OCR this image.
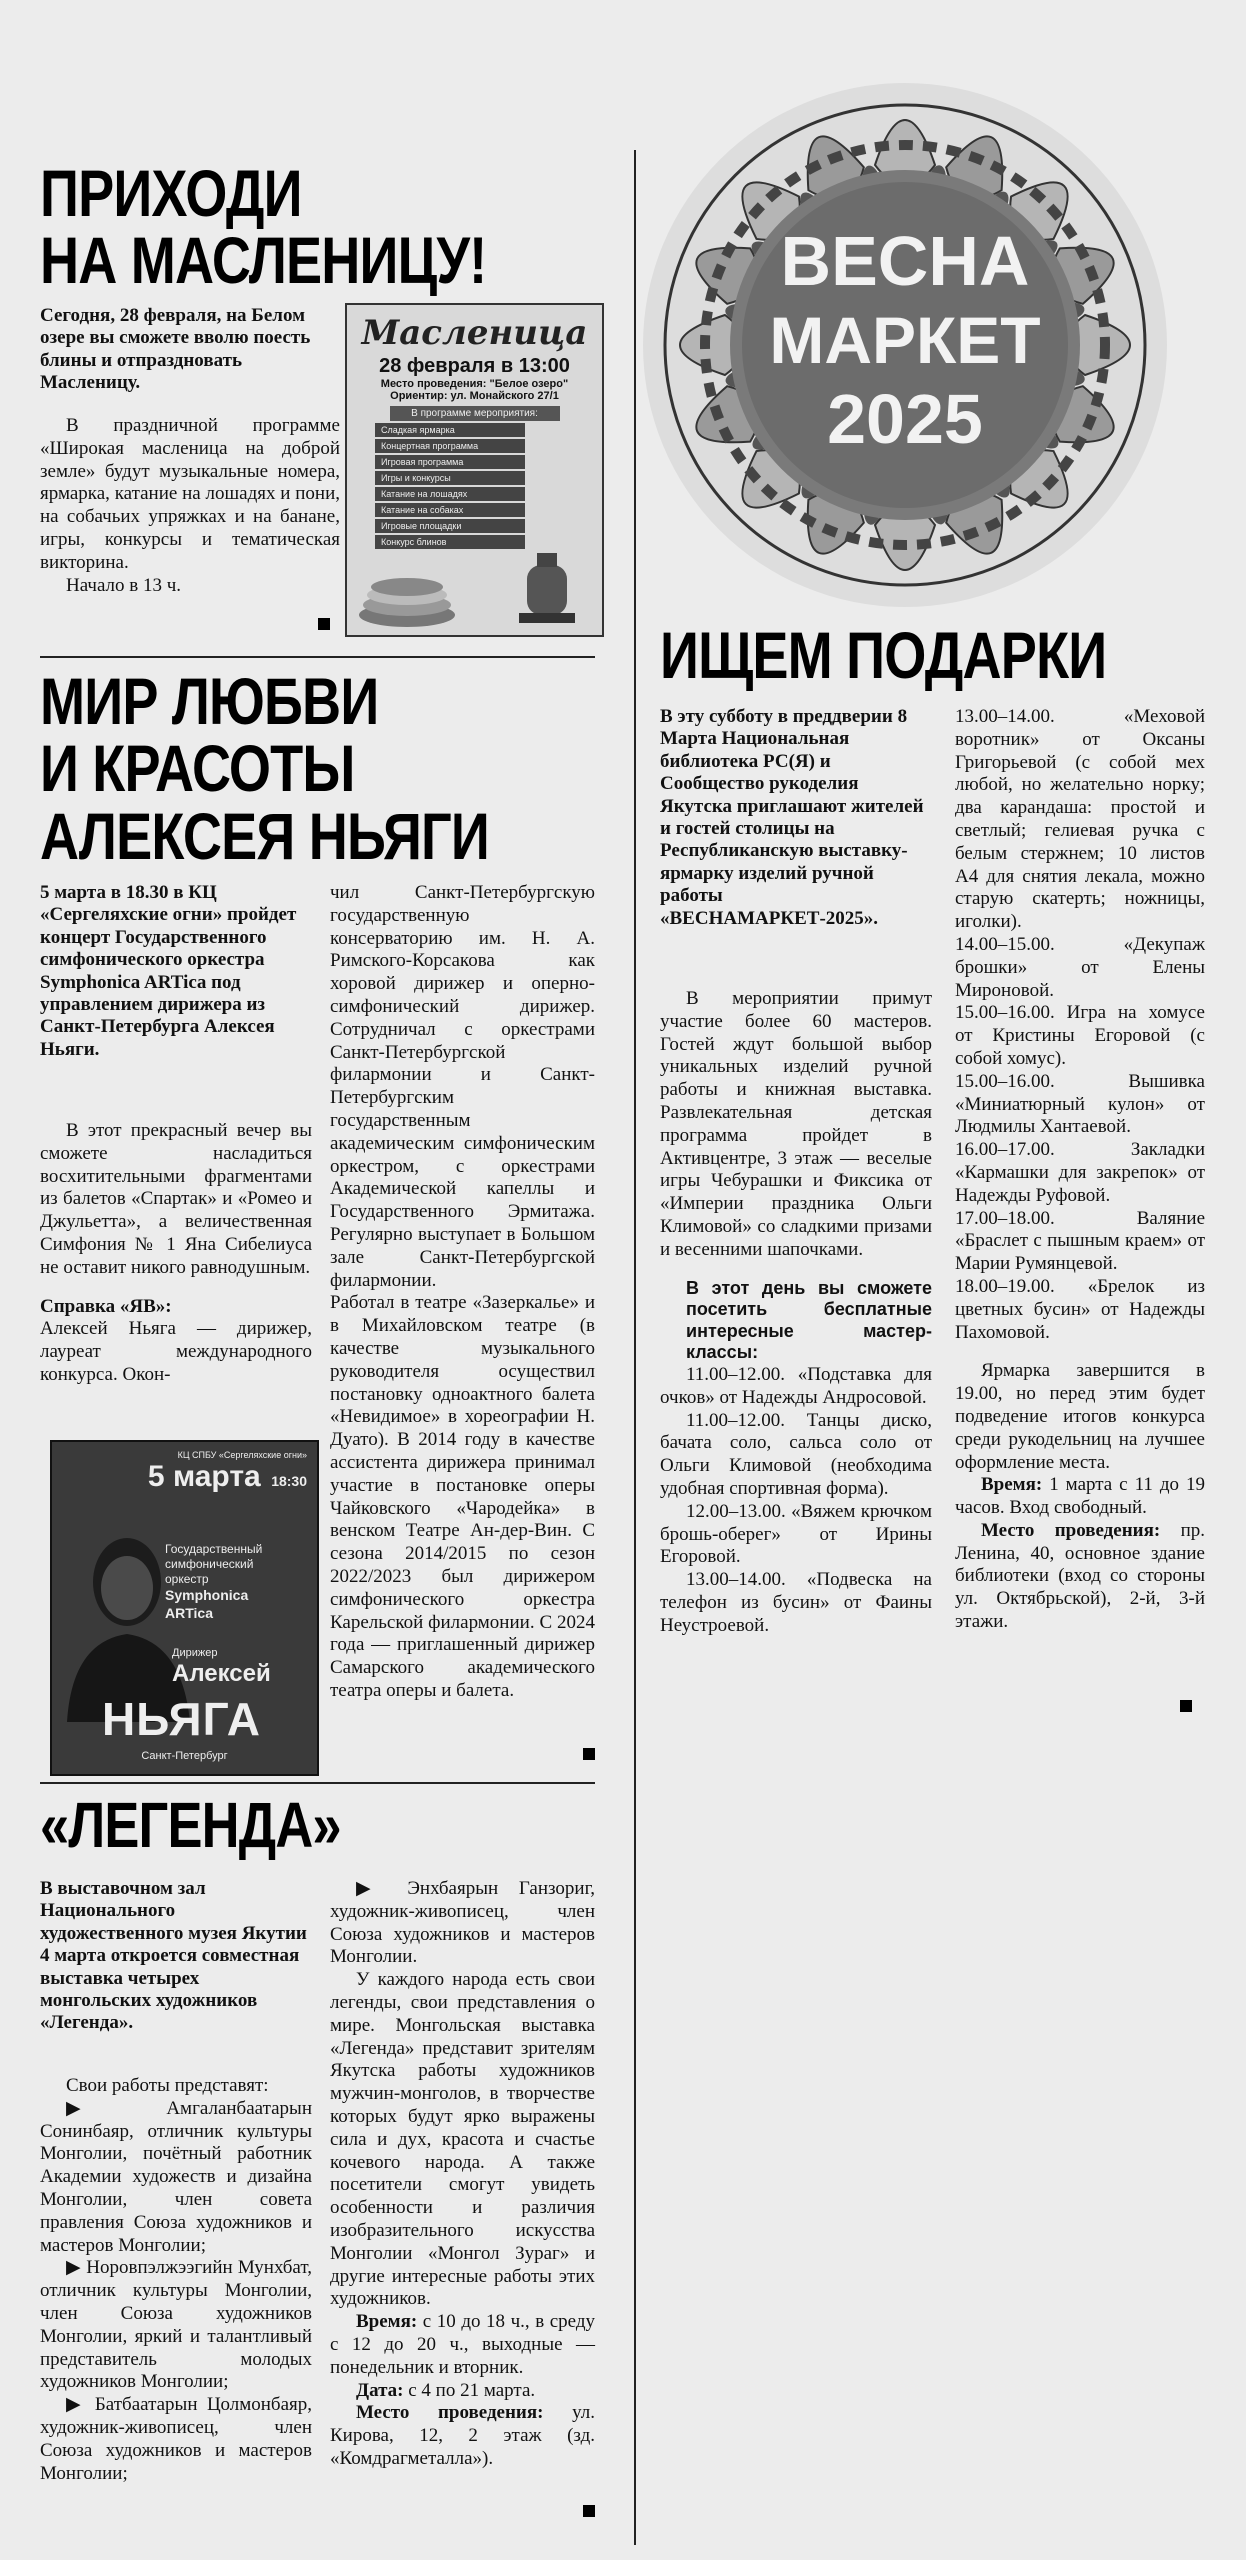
ПРИХОДИ
НА МАСЛЕНИЦУ!
Сегодня, 28 февраля, на Белом озере вы сможете вволю поесть блины и отпраздновать Масленицу.

В праздничной программе «Широкая масленица на доброй земле» будут музыкальные номера, ярмарка, катание на лошадях и пони, на собачьих упряжках и на банане, игры, конкурсы и тематическая викторина.

Начало в 13 ч.

Масленица
28 февраля в 13:00
Место проведения: "Белое озеро"
Ориентир: ул. Монайского 27/1
В программе мероприятия:
Сладкая ярмарка
Концертная программа
Игровая программа
Игры и конкурсы
Катание на лошадях
Катание на собаках
Игровые площадки
Конкурс блинов
ВЕСНА
МАРКЕТ
2025
МИР ЛЮБВИ
И КРАСОТЫ
АЛЕКСЕЯ НЬЯГИ
5 марта в 18.30 в КЦ «Сергеляхские огни» пройдет концерт Государственного симфонического оркестра Symphonica ARTica под управлением дирижера из Санкт-Петербурга Алексея Ньяги.

В этот прекрасный вечер вы сможете насладиться восхитительными фрагментами из балетов «Спартак» и «Ромео и Джульетта», а величественная Симфония № 1 Яна Сибелиуса не оставит никого равнодушным.

Справка «ЯВ»:

Алексей Ньяга — дирижер, лауреат международного конкурса. Окон-

КЦ СПБУ «Сергеляхские огни»
5 марта 18:30
Государственный
симфонический
оркестр
Symphonica
ARTica
Дирижер
Алексей
НЬЯГА
Санкт-Петербург

чил Санкт-Петербургскую государственную консерваторию им. Н. А. Римского-Корсакова как хоровой дирижер и оперно-симфонический дирижер. Сотрудничал с оркестрами Санкт-Петербургской филармонии и Санкт-Петербургским государственным академическим симфоническим оркестром, с оркестрами Академической капеллы и Государственного Эрмитажа. Регулярно выступает в Большом зале Санкт-Петербургской филармонии.

Работал в театре «Зазеркалье» и в Михайловском театре (в качестве музыкального руководителя осуществил постановку одноактного балета «Невидимое» в хореографии Н. Дуато). В 2014 году в качестве ассистента дирижера принимал участие в постановке оперы Чайковского «Чародейка» в венском Театре Ан-дер-Вин. С сезона 2014/2015 по сезон 2022/2023 был дирижером симфонического оркестра Карельской филармонии. С 2024 года — приглашенный дирижер Самарского академического театра оперы и балета.

ИЩЕМ ПОДАРКИ
В эту субботу в преддверии 8 Марта Национальная библиотека РС(Я) и Сообщество рукоделия Якутска приглашают жителей и гостей столицы на Республиканскую выставку-ярмарку изделий ручной работы «ВЕСНАМАРКЕТ-2025».

В мероприятии примут участие более 60 мастеров. Гостей ждут большой выбор уникальных изделий ручной работы и книжная выставка. Развлекательная детская программа пройдет в Активцентре, 3 этаж — веселые игры Чебурашки и Фиксика от «Империи праздника Ольги Климовой» со сладкими призами и весенними шапочками.

В этот день вы сможете посетить бесплатные интересные мастер-классы:

11.00–12.00. «Подставка для очков» от Надежды Андросовой.

11.00–12.00. Танцы диско, бачата соло, сальса соло от Ольги Климовой (необходима удобная спортивная форма).

12.00–13.00. «Вяжем крючком брошь-оберег» от Ирины Егоровой.

13.00–14.00. «Подвеска на телефон из бусин» от Фаины Неустроевой.

13.00–14.00. «Меховой воротник» от Оксаны Григорьевой (с собой мех любой, но желательно норку; два карандаша: простой и светлый; гелиевая ручка с белым стержнем; 10 листов А4 для снятия лекала, можно старую скатерть; ножницы, иголки).

14.00–15.00. «Декупаж брошки» от Елены Мироновой.

15.00–16.00. Игра на хомусе от Кристины Егоровой (с собой хомус).

15.00–16.00. Вышивка «Миниатюрный кулон» от Людмилы Хантаевой.

16.00–17.00. Закладки «Кармашки для закрепок» от Надежды Руфовой.

17.00–18.00. Валяние «Браслет с пышным краем» от Марии Румянцевой.

18.00–19.00. «Брелок из цветных бусин» от Надежды Пахомовой.

Ярмарка завершится в 19.00, но перед этим будет подведение итогов конкурса среди рукодельниц на лучшее оформление места.

Время: 1 марта с 11 до 19 часов. Вход свободный.

Место проведения: пр. Ленина, 40, основное здание библиотеки (вход со стороны ул. Октябрьской), 2-й, 3-й этажи.

«ЛЕГЕНДА»
В выставочном зал Национального художественного музея Якутии 4 марта откроется совместная выставка четырех монгольских художников «Легенда».

Свои работы представят:

▶ Амгаланбаатарын Сонинбаяр, отличник культуры Монголии, почётный работник Академии художеств и дизайна Монголии, член совета правления Союза художников и мастеров Монголии;

▶ Норовпэлжээгийн Мунхбат, отличник культуры Монголии, член Союза художников Монголии, яркий и талантливый представитель молодых художников Монголии;

▶ Батбаатарын Цолмонбаяр, художник-живописец, член Союза художников и мастеров Монголии;

▶ Энхбаярын Ганзориг, художник-живописец, член Союза художников и мастеров Монголии.

У каждого народа есть свои легенды, свои представления о мире. Монгольская выставка «Легенда» представит зрителям Якутска работы художников мужчин-монголов, в творчестве которых будут ярко выражены сила и дух, красота и счастье кочевого народа. А также посетители смогут увидеть особенности и различия изобразительного искусства Монголии «Монгол Зураг» и другие интересные работы этих художников.

Время: с 10 до 18 ч., в среду с 12 до 20 ч., выходные — понедельник и вторник.

Дата: с 4 по 21 марта.

Место проведения: ул. Кирова, 12, 2 этаж (зд. «Комдрагметалла»).
